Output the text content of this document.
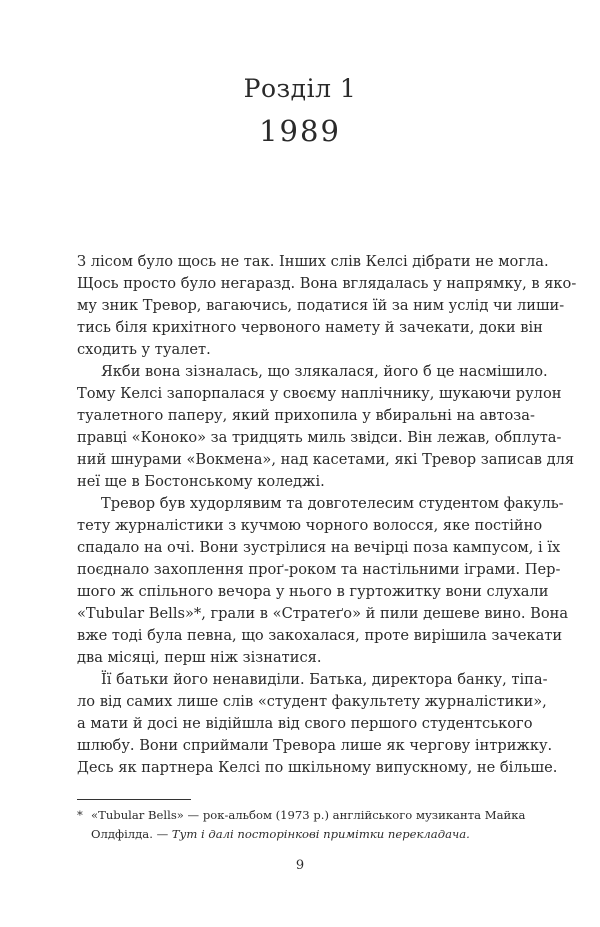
Розділ 1
1989
З лісом було щось не так. Інших слів Келсі дібрати не могла.
Щось просто було негаразд. Вона вглядалась у напрямку, в яко-
му зник Тревор, вагаючись, податися їй за ним услід чи лиши-
тись біля крихітного червоного намету й зачекати, доки він
сходить у туалет.
Якби вона зізналась, що злякалася, його б це насмішило.
Тому Келсі запорпалася у своєму наплічнику, шукаючи рулон
туалетного паперу, який прихопила у вбиральні на автоза-
правці «Коноко» за тридцять миль звідси. Він лежав, обплута-
ний шнурами «Вокмена», над касетами, які Тревор записав для
неї ще в Бостонському коледжі.
Тревор був худорлявим та довготелесим студентом факуль-
тету журналістики з кучмою чорного волосся, яке постійно
спадало на очі. Вони зустрілися на вечірці поза кампусом, і їх
поєднало захоплення проґ-роком та настільними іграми. Пер-
шого ж спільного вечора у нього в гуртожитку вони слухали
«Tubular Bells»*, грали в «Стратеґо» й пили дешеве вино. Вона
вже тоді була певна, що закохалася, проте вирішила зачекати
два місяці, перш ніж зізнатися.
Її батьки його ненавиділи. Батька, директора банку, тіпа-
ло від самих лише слів «студент факультету журналістики»,
а мати й досі не відійшла від свого першого студентського
шлюбу. Вони сприймали Тревора лише як чергову інтрижку.
Десь як партнера Келсі по шкільному випускному, не більше.
* «Tubular Bells» — рок-альбом (1973 р.) англійського музиканта Майка
Олдфілда. — Тут і далі посторінкові примітки перекладача.
9
